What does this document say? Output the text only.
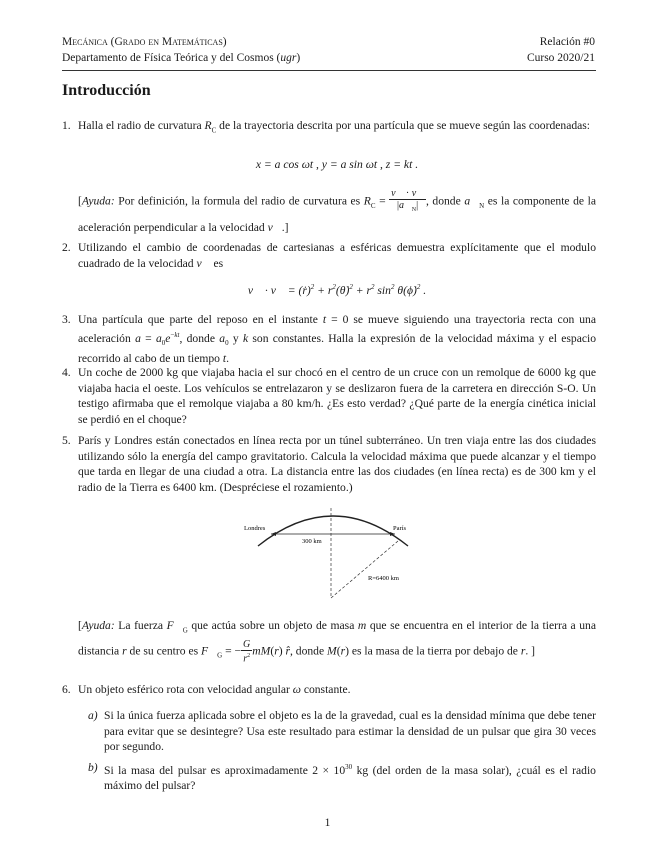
Mecánica (Grado en Matemáticas)
Departamento de Física Teórica y del Cosmos (ugr)
Relación #0
Curso 2020/21
Introducción
1. Halla el radio de curvatura $R_C$ de la trayectoria descrita por una partícula que se mueve según las coordenadas:
x = a cos ωt , y = a sin ωt , z = kt .
[Ayuda: Por definición, la formula del radio de curvatura es $R_C = \frac{v⃗ \cdot v⃗}{|a⃗_N|}$ , donde $a⃗_N$ es la componente de la aceleración perpendicular a la velocidad v⃗.]
2. Utilizando el cambio de coordenadas de cartesianas a esféricas demuestra explícitamente que el modulo cuadrado de la velocidad v⃗ es
v⃗ · v⃗ = (ṙ)$^2$ + $r^2(\thetȧ)^2 + r^2$ $\sin^2$ θ(ϕ̇)$^2$ .
3. Una partícula que parte del reposo en el instante t = 0 se mueve siguiendo una trayectoria recta con una aceleración $a = a_0e^{-kt}$, donde $a_0$ y k son constantes. Halla la expresión de la velocidad máxima y el espacio recorrido al cabo de un tiempo t.
4. Un coche de 2000 kg que viajaba hacia el sur chocó en el centro de un cruce con un remolque de 6000 kg que viajaba hacia el oeste. Los vehículos se entrelazaron y se deslizaron fuera de la carretera en dirección S-O. Un testigo afirmaba que el remolque viajaba a 80 km/h. ¿Es esto verdad? ¿Qué parte de la energía cinética inicial se perdió en el choque?
5. París y Londres están conectados en línea recta por un túnel subterráneo. Un tren viaja entre las dos ciudades utilizando sólo la energía del campo gravitatorio. Calcula la velocidad máxima que puede alcanzar y el tiempo que tarda en llegar de una ciudad a otra. La distancia entre las dos ciudades (en línea recta) es de 300 km y el radio de la Tierra es 6400 km. (Despréciese el rozamiento.)
Londres	París
300 km
R=6400 km
[Ayuda: La fuerza $F⃗_G$ que actúa sobre un objeto de masa m que se encuentra en el interior de la tierra a una distancia r de su centro es $F⃗_G$ = − $\frac{G}{r^2} mM(r)$ r̂, donde M(r) es la masa de la tierra por debajo de r. ]
6. Un objeto esférico rota con velocidad angular ω constante.
a) Si la única fuerza aplicada sobre el objeto es la de la gravedad, cual es la densidad mínima que debe tener para evitar que se desintegre? Usa este resultado para estimar la densidad de un pulsar que gira 30 veces por segundo.
b) Si la masa del pulsar es aproximadamente $2 \times 10^{30}$ kg (del orden de la masa solar), ¿cuál es el radio máximo del pulsar?
1
